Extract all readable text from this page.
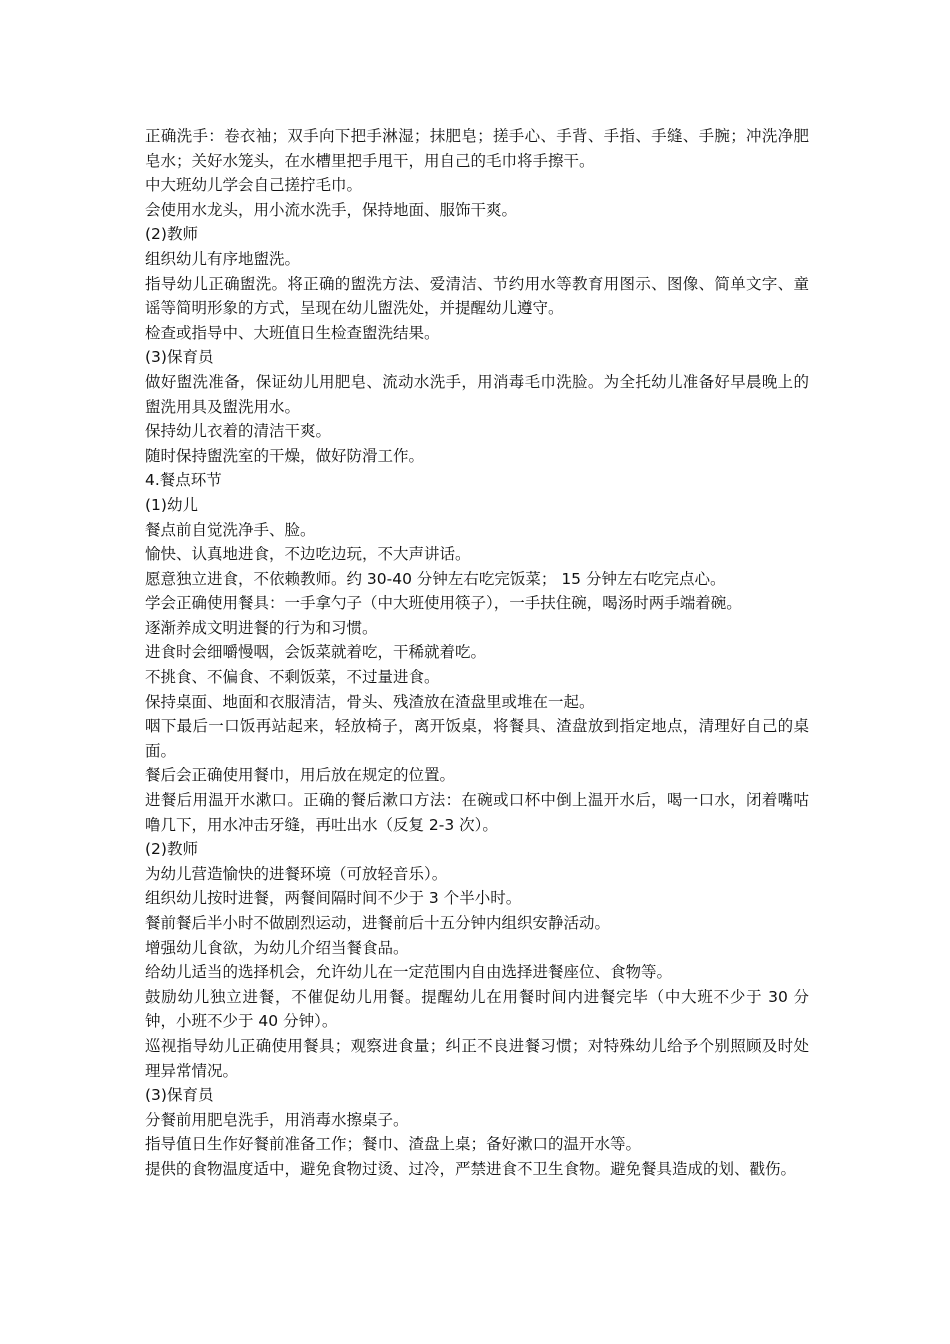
正确洗手：卷衣袖；双手向下把手淋湿；抹肥皂；搓手心、手背、手指、手缝、手腕；冲洗净肥皂水；关好水笼头，在水槽里把手甩干，用自己的毛巾将手擦干。

中大班幼儿学会自己搓拧毛巾。

会使用水龙头，用小流水洗手，保持地面、服饰干爽。

(2)教师

组织幼儿有序地盥洗。

指导幼儿正确盥洗。将正确的盥洗方法、爱清洁、节约用水等教育用图示、图像、简单文字、童谣等简明形象的方式，呈现在幼儿盥洗处，并提醒幼儿遵守。

检查或指导中、大班值日生检查盥洗结果。

(3)保育员

做好盥洗准备，保证幼儿用肥皂、流动水洗手，用消毒毛巾洗脸。为全托幼儿准备好早晨晚上的盥洗用具及盥洗用水。

保持幼儿衣着的清洁干爽。

随时保持盥洗室的干燥，做好防滑工作。

4.餐点环节

(1)幼儿

餐点前自觉洗净手、脸。

愉快、认真地进食，不边吃边玩，不大声讲话。

愿意独立进食，不依赖教师。约 30-40 分钟左右吃完饭菜； 15 分钟左右吃完点心。

学会正确使用餐具：一手拿勺子（中大班使用筷子），一手扶住碗，喝汤时两手端着碗。

逐渐养成文明进餐的行为和习惯。

进食时会细嚼慢咽，会饭菜就着吃，干稀就着吃。

不挑食、不偏食、不剩饭菜，不过量进食。

保持桌面、地面和衣服清洁，骨头、残渣放在渣盘里或堆在一起。

咽下最后一口饭再站起来，轻放椅子，离开饭桌，将餐具、渣盘放到指定地点，清理好自己的桌面。

餐后会正确使用餐巾，用后放在规定的位置。

进餐后用温开水漱口。正确的餐后漱口方法：在碗或口杯中倒上温开水后，喝一口水，闭着嘴咕噜几下，用水冲击牙缝，再吐出水（反复 2-3 次）。

(2)教师

为幼儿营造愉快的进餐环境（可放轻音乐）。

组织幼儿按时进餐，两餐间隔时间不少于 3 个半小时。

餐前餐后半小时不做剧烈运动，进餐前后十五分钟内组织安静活动。

增强幼儿食欲，为幼儿介绍当餐食品。

给幼儿适当的选择机会，允许幼儿在一定范围内自由选择进餐座位、食物等。

鼓励幼儿独立进餐，不催促幼儿用餐。提醒幼儿在用餐时间内进餐完毕（中大班不少于 30 分钟，小班不少于 40 分钟）。

巡视指导幼儿正确使用餐具；观察进食量；纠正不良进餐习惯；对特殊幼儿给予个别照顾及时处理异常情况。

(3)保育员

分餐前用肥皂洗手，用消毒水擦桌子。

指导值日生作好餐前准备工作；餐巾、渣盘上桌；备好漱口的温开水等。

提供的食物温度适中，避免食物过烫、过冷，严禁进食不卫生食物。避免餐具造成的划、戳伤。
